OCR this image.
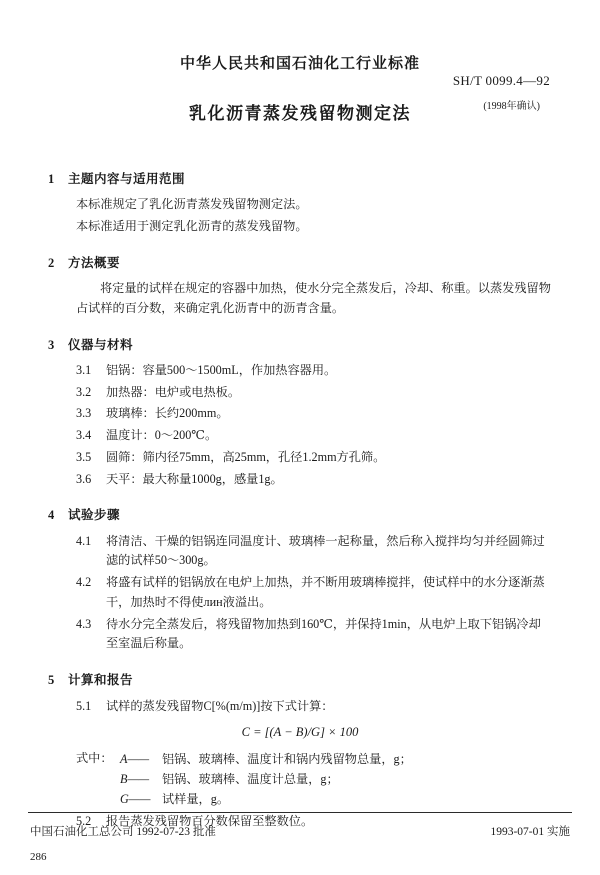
中华人民共和国石油化工行业标准
SH/T 0099.4—92
(1998年确认)
乳化沥青蒸发残留物测定法
1 主题内容与适用范围
本标准规定了乳化沥青蒸发残留物测定法。
本标准适用于测定乳化沥青的蒸发残留物。
2 方法概要
将定量的试样在规定的容器中加热，使水分完全蒸发后，冷却、称重。以蒸发残留物占试样的百分数，来确定乳化沥青中的沥青含量。
3 仪器与材料
3.1 铝锅：容量500～1500mL，作加热容器用。
3.2 加热器：电炉或电热板。
3.3 玻璃棒：长约200mm。
3.4 温度计：0～200℃。
3.5 圆筛：筛内径75mm，高25mm，孔径1.2mm方孔筛。
3.6 天平：最大称量1000g，感量1g。
4 试验步骤
4.1 将清洁、干燥的铝锅连同温度计、玻璃棒一起称量，然后称入搅拌均匀并经圆筛过滤的试样50～300g。
4.2 将盛有试样的铝锅放在电炉上加热，并不断用玻璃棒搅拌，使试样中的水分逐渐蒸干，加热时不得使лин液溢出。
4.3 待水分完全蒸发后，将残留物加热到160℃，并保持1min，从电炉上取下铝锅冷却至室温后称量。
5 计算和报告
5.1 试样的蒸发残留物C[%(m/m)]按下式计算：
C = [(A − B)/G] × 100
式中： A—— 铝锅、玻璃棒、温度计和锅内残留物总量，g；
B—— 铝锅、玻璃棒、温度计总量，g；
G—— 试样量，g。
5.2 报告蒸发残留物百分数保留至整数位。
中国石油化工总公司 1992-07-23 批准	1993-07-01 实施
286
